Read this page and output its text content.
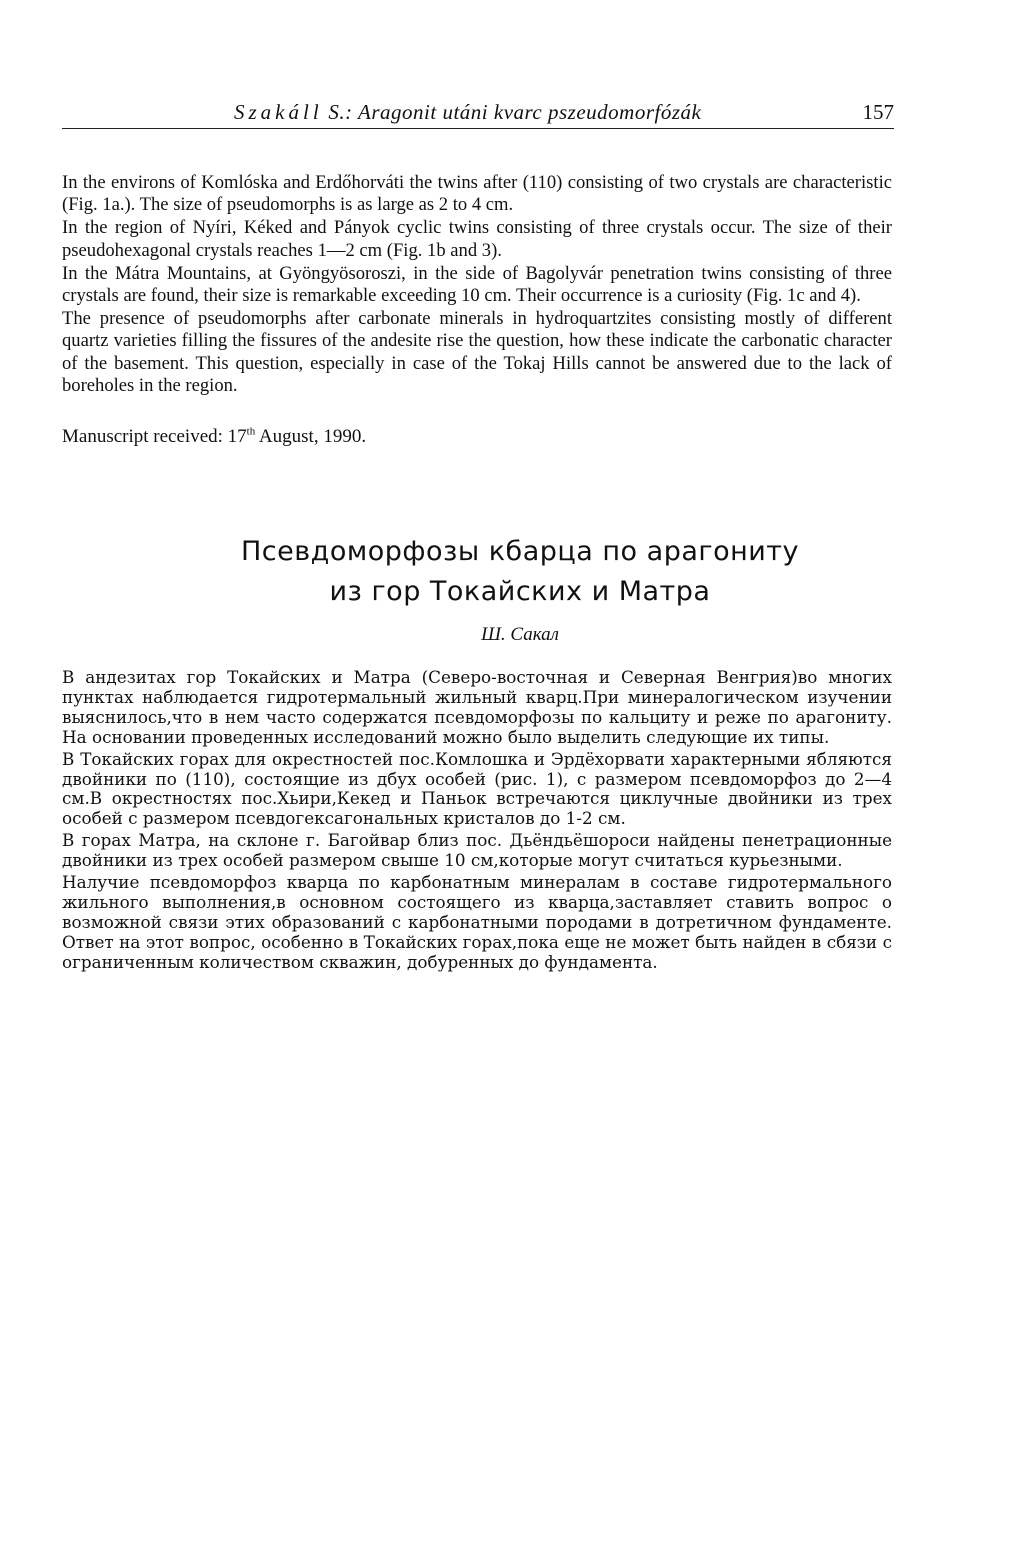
Szakáll S.: Aragonit utáni kvarc pszeudomorfózák	157

In the environs of Komlóska and Erdőhorváti the twins after (110) consisting of two crystals are characteristic (Fig. 1a.). The size of pseudomorphs is as large as 2 to 4 cm.

In the region of Nyíri, Kéked and Pányok cyclic twins consisting of three crystals occur. The size of their pseudohexagonal crystals reaches 1—2 cm (Fig. 1b and 3).

In the Mátra Mountains, at Gyöngyösoroszi, in the side of Bagolyvár penetration twins consisting of three crystals are found, their size is remarkable exceeding 10 cm. Their occurrence is a curiosity (Fig. 1c and 4).

The presence of pseudomorphs after carbonate minerals in hydroquartzites consisting mostly of different quartz varieties filling the fissures of the andesite rise the question, how these indicate the carbonatic character of the basement. This question, especially in case of the Tokaj Hills cannot be answered due to the lack of boreholes in the region.

Manuscript received: 17th August, 1990.
Псевдоморфозы кбарца по арагониту
из гор Токайских и Матра
Ш. Сакал

В андезитах гор Токайских и Матра (Северо-восточная и Северная Венгрия)во многих пунктах наблюдается гидротермальный жильный кварц.При минералогическом изучении выяснилось,что в нем часто содержатся псевдоморфозы по кальциту и реже по арагониту. На основании проведенных исследований можно было выделить следующие их типы.

В Токайских горах для окрестностей пос.Комлошка и Эрдёхорвати характерными ябляются двойники по (110), состоящие из дбух особей (рис. 1), с размером псевдоморфоз до 2—4 см.В окрестностях пос.Хьири,Кекед и Паньок встречаются циклучные двойники из трех особей с размером псевдогексагональных кристалов до 1-2 см.

В горах Матра, на склоне г. Багойвар близ пос. Дьёндьёшороси найдены пенетрационные двойники из трех особей размером свыше 10 см,которые могут считаться курьезными.

Налучие псевдоморфоз кварца по карбонатным минералам в составе гидротермального жильного выполнения,в основном состоящего из кварца,заставляет ставить вопрос о возможной связи этих образований с карбонатными породами в дотретичном фундаменте. Ответ на этот вопрос, особенно в Токайских горах,пока еще не может быть найден в сбязи с ограниченным количеством скважин, добуренных до фундамента.
